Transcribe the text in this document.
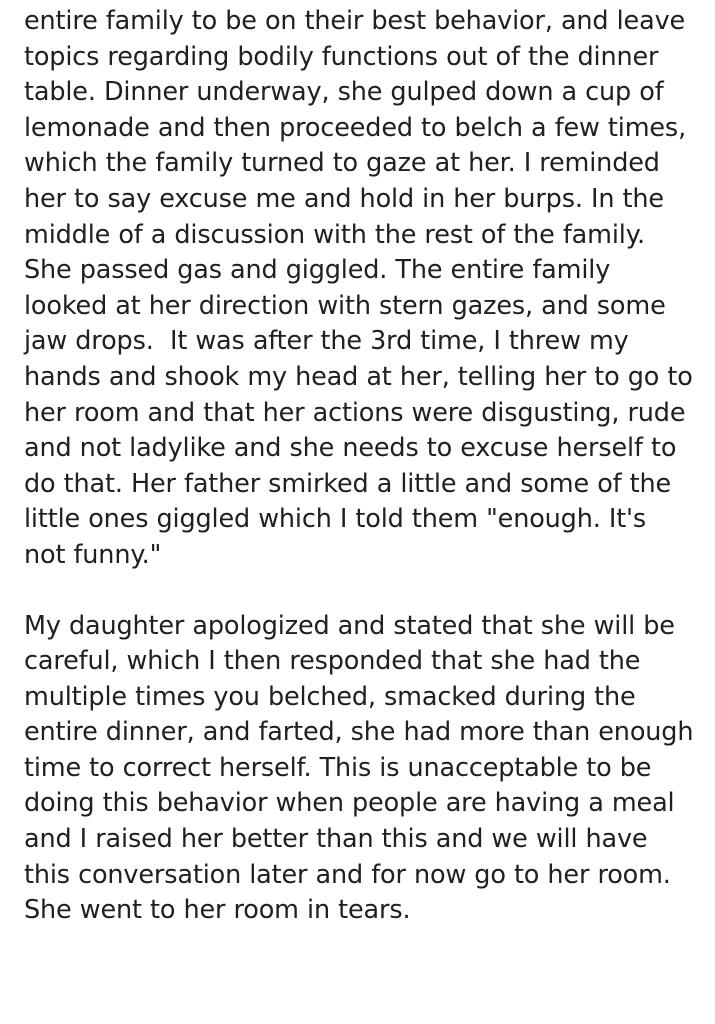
entire family to be on their best behavior, and leave topics regarding bodily functions out of the dinner table. Dinner underway, she gulped down a cup of lemonade and then proceeded to belch a few times, which the family turned to gaze at her. I reminded her to say excuse me and hold in her burps. In the middle of a discussion with the rest of the family. She passed gas and giggled. The entire family looked at her direction with stern gazes, and some jaw drops.  It was after the 3rd time, I threw my hands and shook my head at her, telling her to go to her room and that her actions were disgusting, rude and not ladylike and she needs to excuse herself to do that. Her father smirked a little and some of the little ones giggled which I told them "enough. It's not funny."

My daughter apologized and stated that she will be careful, which I then responded that she had the multiple times you belched, smacked during the entire dinner, and farted, she had more than enough time to correct herself. This is unacceptable to be doing this behavior when people are having a meal and I raised her better than this and we will have this conversation later and for now go to her room. She went to her room in tears.
